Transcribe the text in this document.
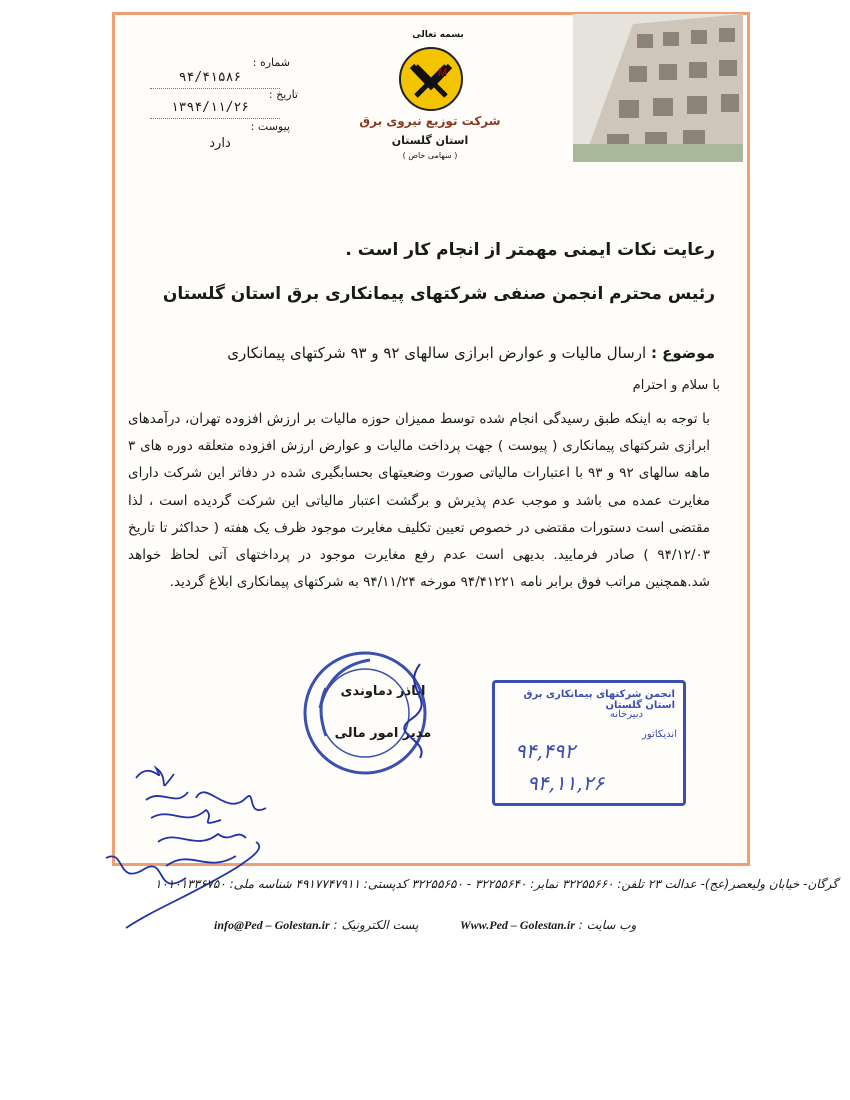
بسمه تعالی
M
شرکت توزیع نیروی برق
استان گلستان
( سهامی خاص )
شماره :
۹۴/۴۱۵۸۶
تاریخ :
۱۳۹۴/۱۱/۲۶
پیوست :
دارد
رعایت نکات ایمنی مهمتر از انجام کار است .
رئیس محترم انجمن صنفی شرکتهای پیمانکاری برق استان گلستان
موضوع : ارسال مالیات و عوارض ابرازی سالهای ۹۲ و ۹۳ شرکتهای پیمانکاری
با سلام و احترام
با توجه به اینکه طبق رسیدگی انجام شده توسط ممیزان حوزه مالیات بر ارزش افزوده تهران، درآمدهای ابرازی شرکتهای پیمانکاری ( پیوست ) جهت پرداخت مالیات و عوارض ارزش افزوده متعلقه دوره های ۳ ماهه سالهای ۹۲ و ۹۳ با اعتبارات مالیاتی صورت وضعیتهای بحسابگیری شده در دفاتر این شرکت دارای مغایرت عمده می باشد و موجب عدم پذیرش و برگشت اعتبار مالیاتی این شرکت گردیده است ، لذا مقتضی است دستورات مقتضی در خصوص تعیین تکلیف مغایرت موجود ظرف یک هفته ( حداکثر تا تاریخ ۹۴/۱۲/۰۳ ) صادر فرمایید. بدیهی است عدم رفع مغایرت موجود در پرداختهای آتی لحاظ خواهد شد.همچنین مراتب فوق برابر نامه ۹۴/۴۱۲۲۱ مورخه ۹۴/۱۱/۲۴ به شرکتهای پیمانکاری ابلاغ گردید.
اباذر دماوندی
مدیر امور مالی
انجمن شرکتهای پیمانکاری برق استان گلستان
دبیرخانه
اندیکاتور
۹۴,۴۹۲
۹۴,۱۱,۲۶
گرگان- خیابان ولیعصر(عج)- عدالت ۲۳ تلفن: ۳۲۲۵۵۶۶۰ نمابر: ۳۲۲۵۵۶۴۰ - ۳۲۲۵۵۶۵۰ کدپستی: ۴۹۱۷۷۴۷۹۱۱ شناسه ملی: ۱۰۱۰۱۳۳۶۷۵۰
وب سایت : Www.Ped – Golestan.ir
پست الکترونیک : info@Ped – Golestan.ir
